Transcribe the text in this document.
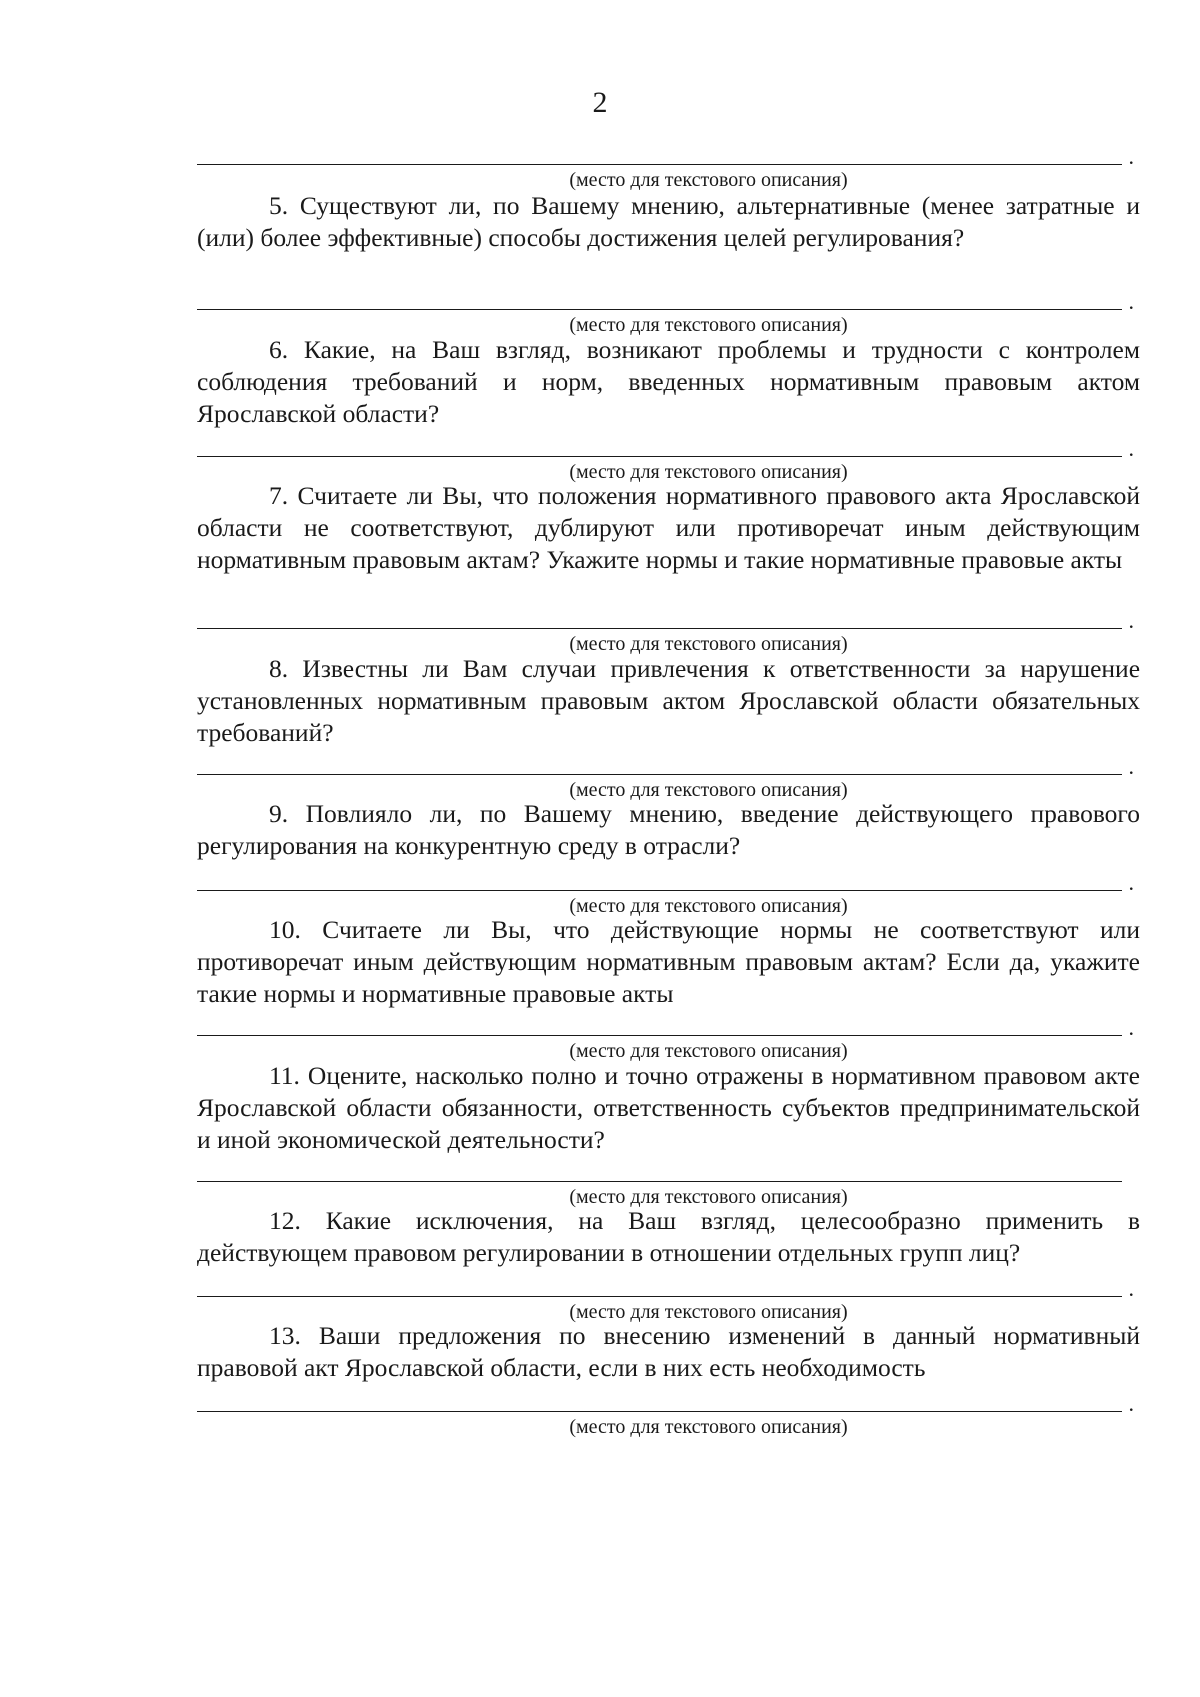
2
.
(место для текстового описания)
5. Существуют ли, по Вашему мнению, альтернативные (менее затратные и (или) более эффективные) способы достижения целей регулирования?
.
(место для текстового описания)
6. Какие, на Ваш взгляд, возникают проблемы и трудности с контролем соблюдения требований и норм, введенных нормативным правовым актом Ярославской области?
.
(место для текстового описания)
7. Считаете ли Вы, что положения нормативного правового акта Ярославской области не соответствуют, дублируют или противоречат иным действующим нормативным правовым актам? Укажите нормы и такие нормативные правовые акты
.
(место для текстового описания)
8. Известны ли Вам случаи привлечения к ответственности за нарушение установленных нормативным правовым актом Ярославской области обязательных требований?
.
(место для текстового описания)
9. Повлияло ли, по Вашему мнению, введение действующего правового регулирования на конкурентную среду в отрасли?
.
(место для текстового описания)
10. Считаете ли Вы, что действующие нормы не соответствуют или противоречат иным действующим нормативным правовым актам? Если да, укажите такие нормы и нормативные правовые акты
.
(место для текстового описания)
11. Оцените, насколько полно и точно отражены в нормативном правовом акте Ярославской области обязанности, ответственность субъектов предпринимательской и иной экономической деятельности?
(место для текстового описания)
12. Какие исключения, на Ваш взгляд, целесообразно применить в действующем правовом регулировании в отношении отдельных групп лиц?
.
(место для текстового описания)
13. Ваши предложения по внесению изменений в данный нормативный правовой акт Ярославской области, если в них есть необходимость
.
(место для текстового описания)
